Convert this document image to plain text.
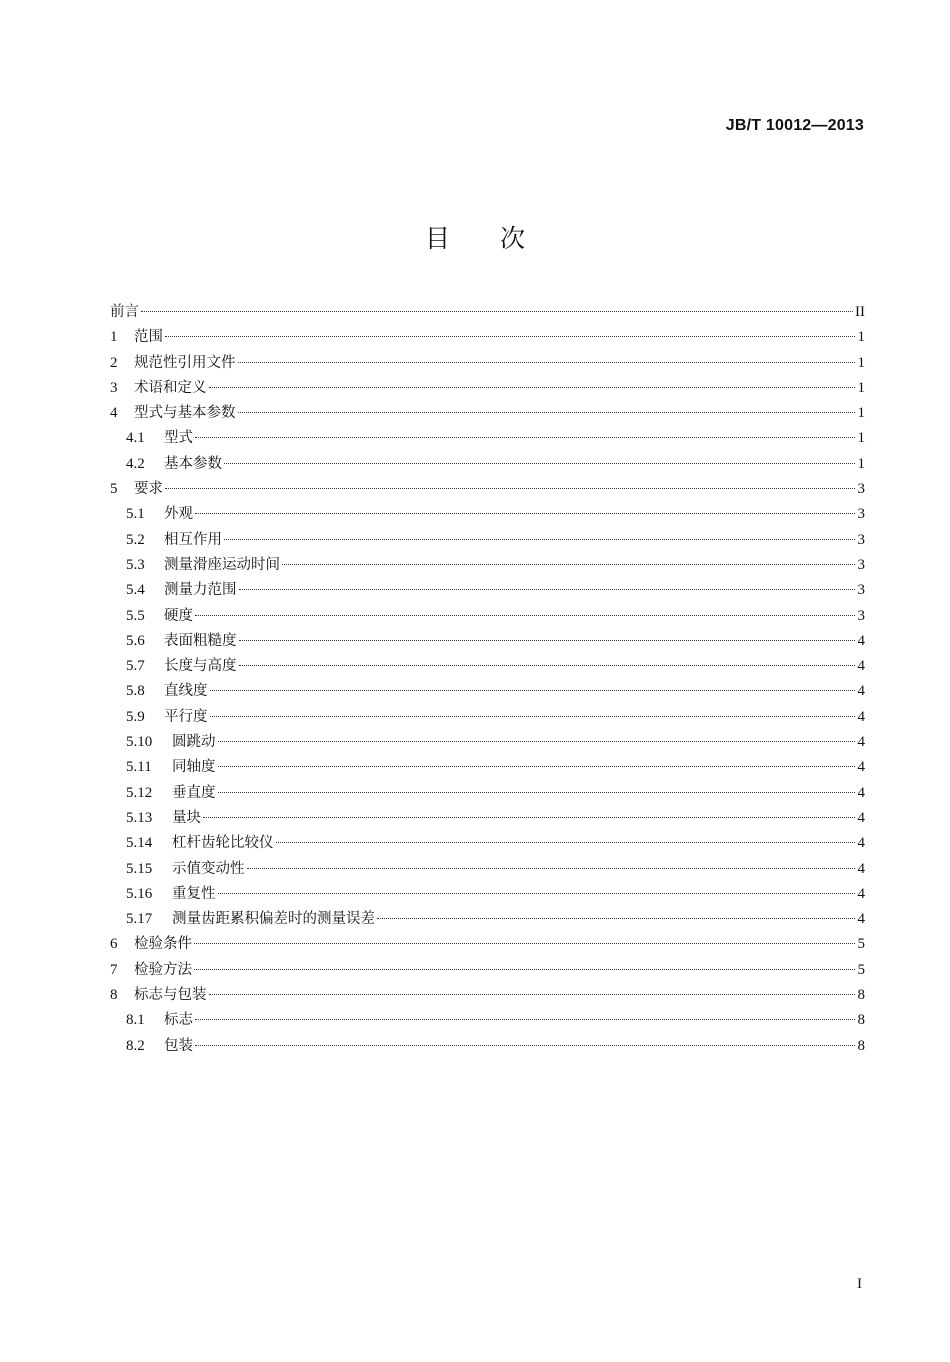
JB/T 10012—2013
目 次
前言	II
1	范围	1
2	规范性引用文件	1
3	术语和定义	1
4	型式与基本参数	1
4.1	型式	1
4.2	基本参数	1
5	要求	3
5.1	外观	3
5.2	相互作用	3
5.3	测量滑座运动时间	3
5.4	测量力范围	3
5.5	硬度	3
5.6	表面粗糙度	4
5.7	长度与高度	4
5.8	直线度	4
5.9	平行度	4
5.10	圆跳动	4
5.11	同轴度	4
5.12	垂直度	4
5.13	量块	4
5.14	杠杆齿轮比较仪	4
5.15	示值变动性	4
5.16	重复性	4
5.17	测量齿距累积偏差时的测量误差	4
6	检验条件	5
7	检验方法	5
8	标志与包装	8
8.1	标志	8
8.2	包装	8
I
